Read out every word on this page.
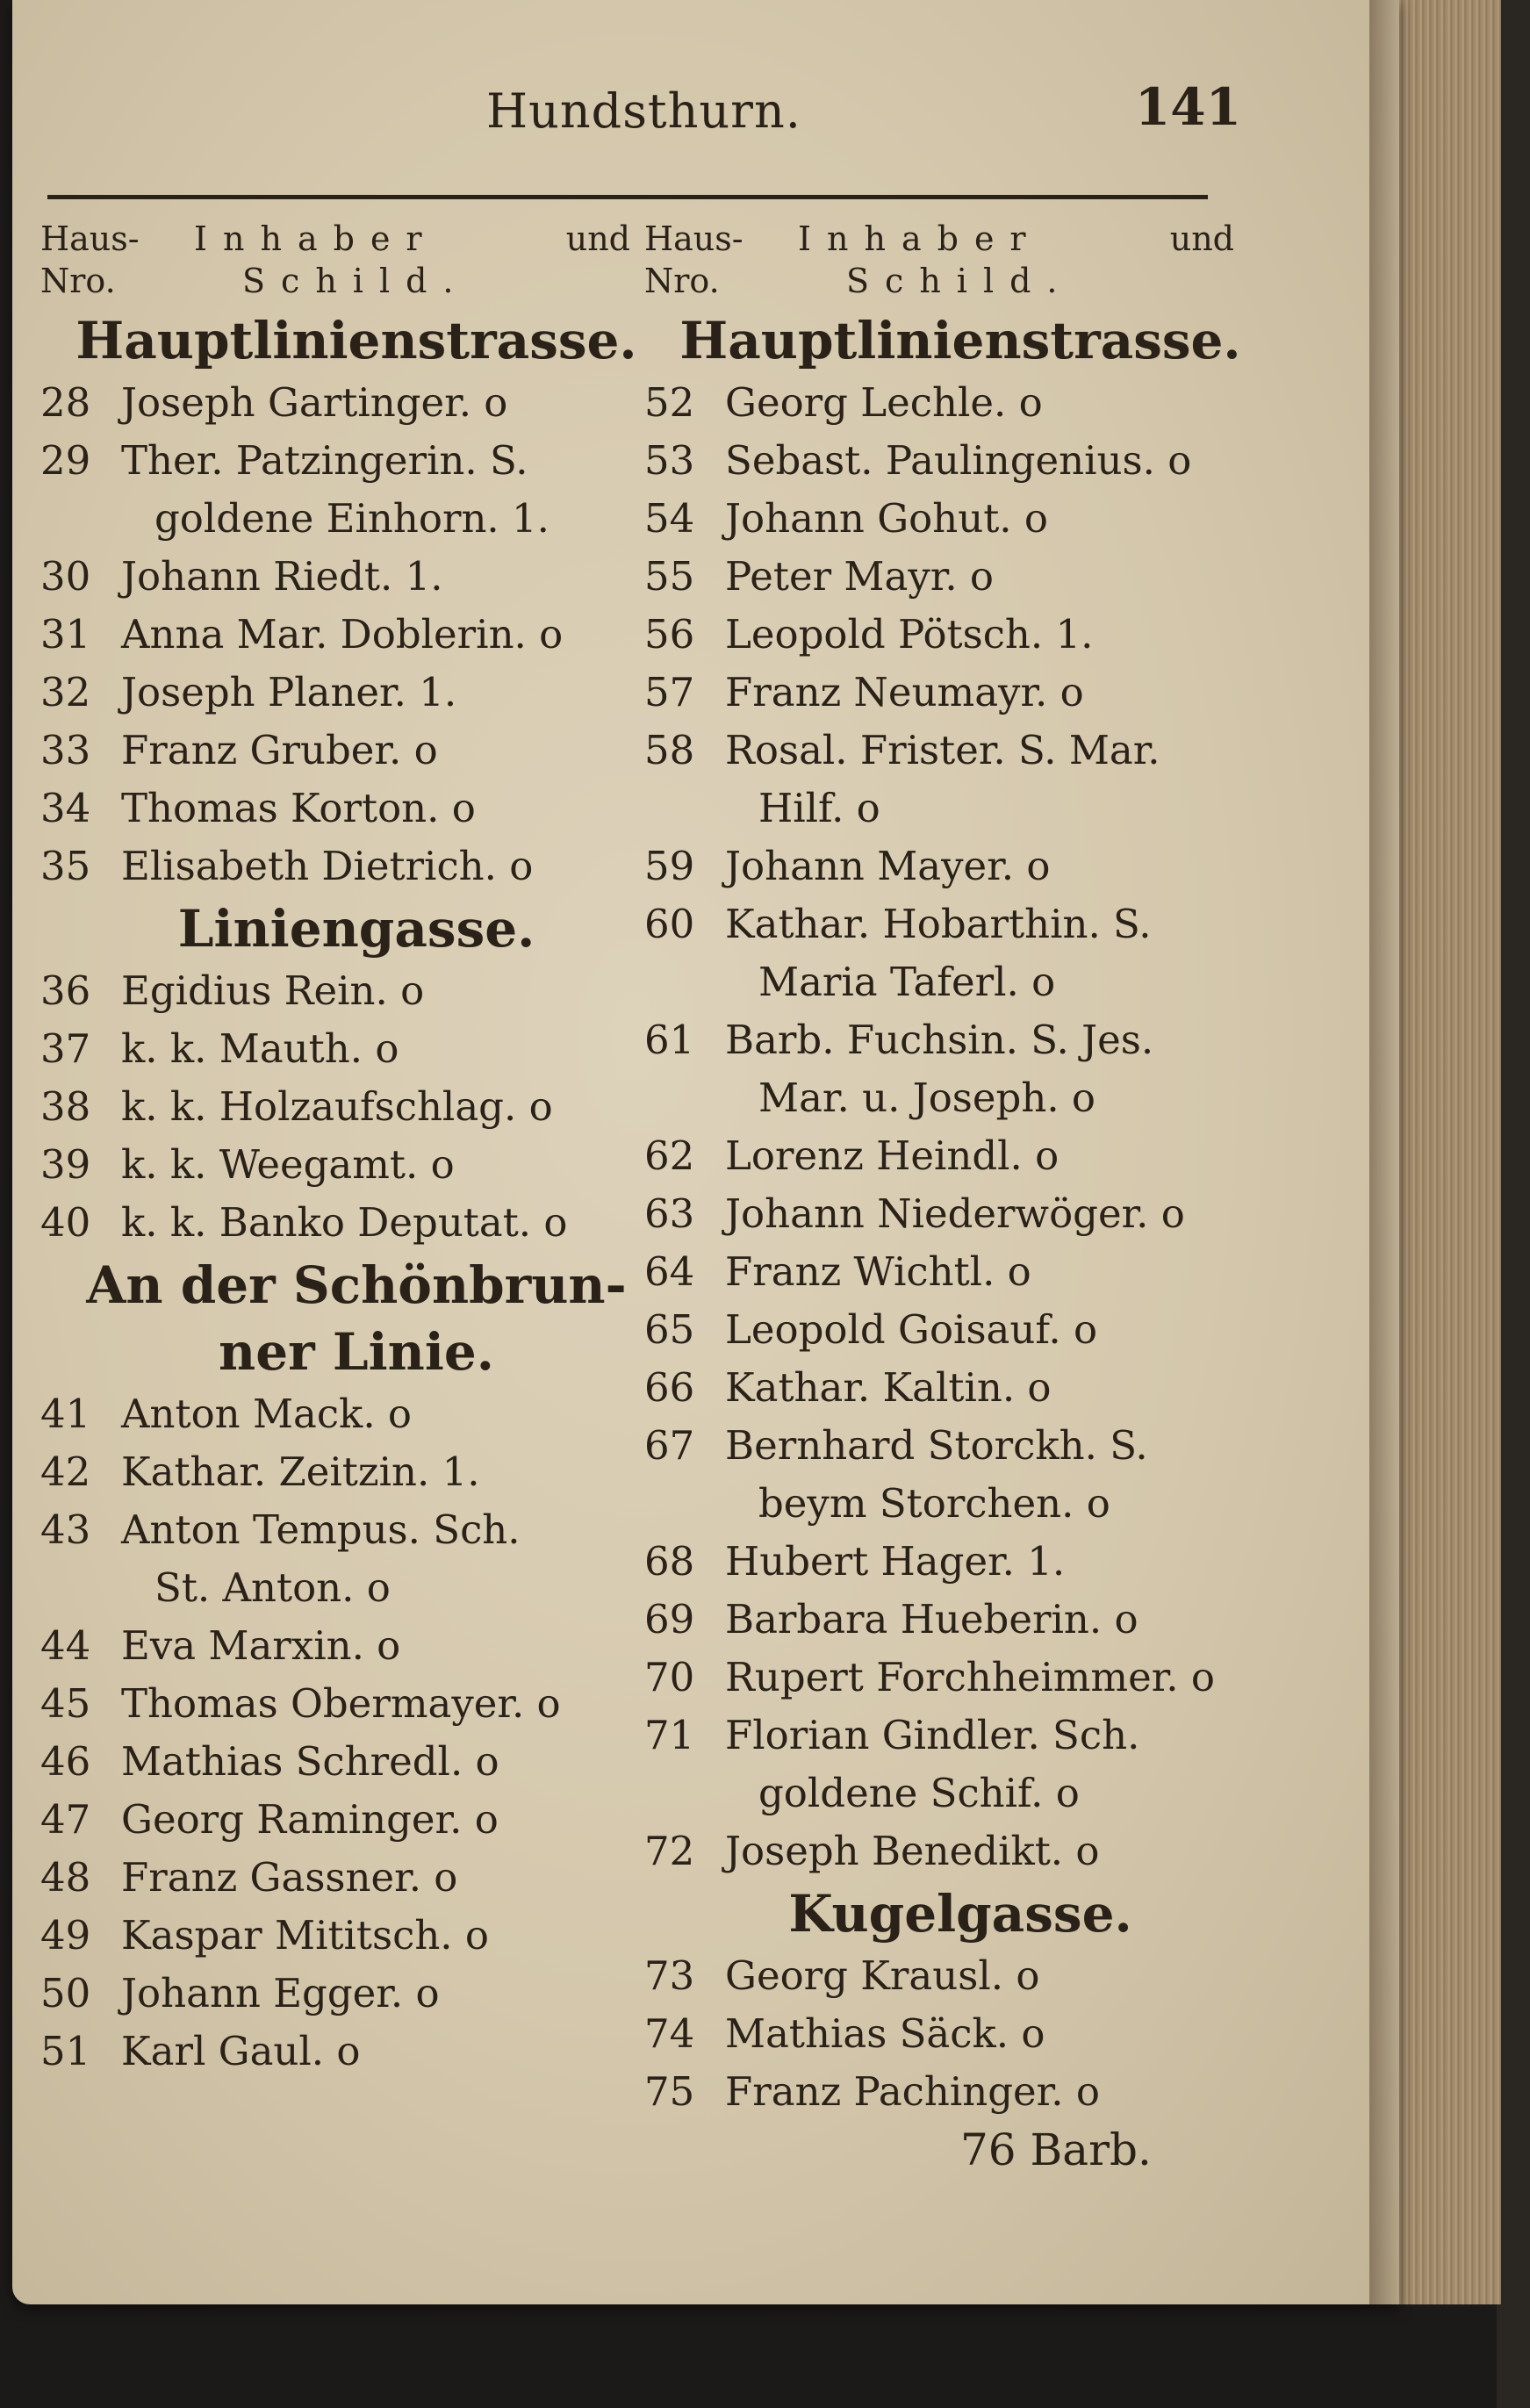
Hundsthurn.	141
Haus- Inhaber	und
Nro.	Schild.
Hauptlinienstrasse.
28 Joseph Gartinger. o
29 Ther. Patzingerin. S.
goldene Einhorn. 1.
30 Johann Riedt. 1.
31 Anna Mar. Doblerin. o
32 Joseph Planer. 1.
33 Franz Gruber. o
34 Thomas Korton. o
35 Elisabeth Dietrich. o
Liniengasse.
36 Egidius Rein. o
37 k. k. Mauth. o
38 k. k. Holzaufschlag. o
39 k. k. Weegamt. o
40 k. k. Banko Deputat. o
An der Schönbrun-
ner Linie.
41 Anton Mack. o
42 Kathar. Zeitzin. 1.
43 Anton Tempus. Sch.
St. Anton. o
44 Eva Marxin. o
45 Thomas Obermayer. o
46 Mathias Schredl. o
47 Georg Raminger. o
48 Franz Gassner. o
49 Kaspar Mititsch. o
50 Johann Egger. o
51 Karl Gaul. o
Haus- Inhaber	und
Nro.	Schild.
Hauptlinienstrasse.
52 Georg Lechle. o
53 Sebast. Paulingenius. o
54 Johann Gohut. o
55 Peter Mayr. o
56 Leopold Pötsch. 1.
57 Franz Neumayr. o
58 Rosal. Frister. S. Mar.
Hilf. o
59 Johann Mayer. o
60 Kathar. Hobarthin. S.
Maria Taferl. o
61 Barb. Fuchsin. S. Jes.
Mar. u. Joseph. o
62 Lorenz Heindl. o
63 Johann Niederwöger. o
64 Franz Wichtl. o
65 Leopold Goisauf. o
66 Kathar. Kaltin. o
67 Bernhard Storckh. S.
beym Storchen. o
68 Hubert Hager. 1.
69 Barbara Hueberin. o
70 Rupert Forchheimmer. o
71 Florian Gindler. Sch.
goldene Schif. o
72 Joseph Benedikt. o
Kugelgasse.
73 Georg Krausl. o
74 Mathias Säck. o
75 Franz Pachinger. o
76 Barb.
